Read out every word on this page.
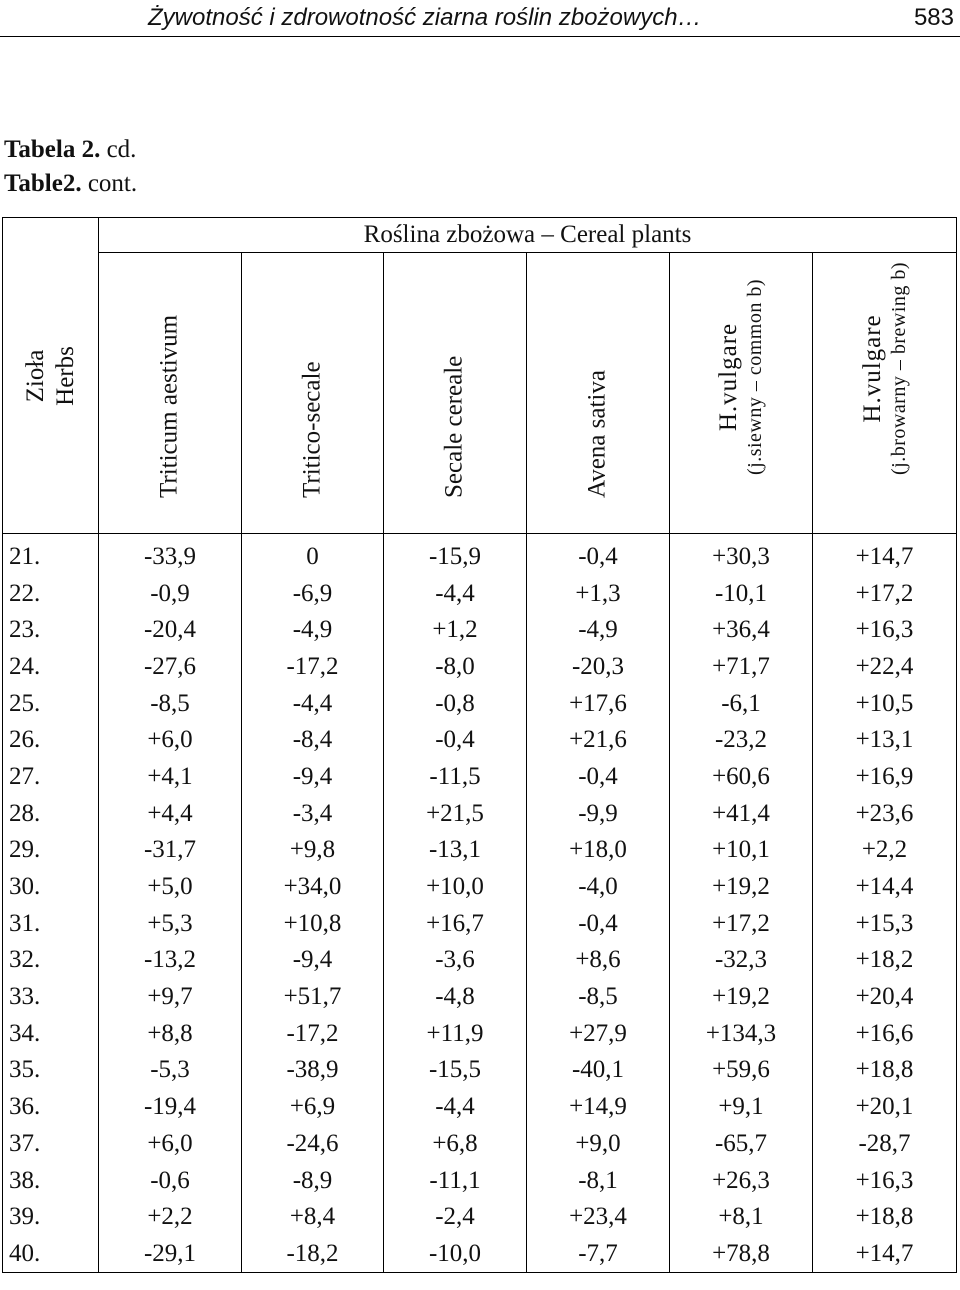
Żywotność i zdrowotność ziarna roślin zbożowych…	583
Tabela 2. cd.
Table2. cont.
Zioła Herbs	Roślina zbożowa – Cereal plants					

	Triticum aestivum	Tritico-secale	Secale cereale	Avena sativa	H.vulgare (j.siewny – common b)	H.vulgare (j.browarny – brewing b)

21.	-33,9	0	-15,9	-0,4	+30,3	+14,7
22.	-0,9	-6,9	-4,4	+1,3	-10,1	+17,2
23.	-20,4	-4,9	+1,2	-4,9	+36,4	+16,3
24.	-27,6	-17,2	-8,0	-20,3	+71,7	+22,4
25.	-8,5	-4,4	-0,8	+17,6	-6,1	+10,5
26.	+6,0	-8,4	-0,4	+21,6	-23,2	+13,1
27.	+4,1	-9,4	-11,5	-0,4	+60,6	+16,9
28.	+4,4	-3,4	+21,5	-9,9	+41,4	+23,6
29.	-31,7	+9,8	-13,1	+18,0	+10,1	+2,2
30.	+5,0	+34,0	+10,0	-4,0	+19,2	+14,4
31.	+5,3	+10,8	+16,7	-0,4	+17,2	+15,3
32.	-13,2	-9,4	-3,6	+8,6	-32,3	+18,2
33.	+9,7	+51,7	-4,8	-8,5	+19,2	+20,4
34.	+8,8	-17,2	+11,9	+27,9	+134,3	+16,6
35.	-5,3	-38,9	-15,5	-40,1	+59,6	+18,8
36.	-19,4	+6,9	-4,4	+14,9	+9,1	+20,1
37.	+6,0	-24,6	+6,8	+9,0	-65,7	-28,7
38.	-0,6	-8,9	-11,1	-8,1	+26,3	+16,3
39.	+2,2	+8,4	-2,4	+23,4	+8,1	+18,8
40.	-29,1	-18,2	-10,0	-7,7	+78,8	+14,7
